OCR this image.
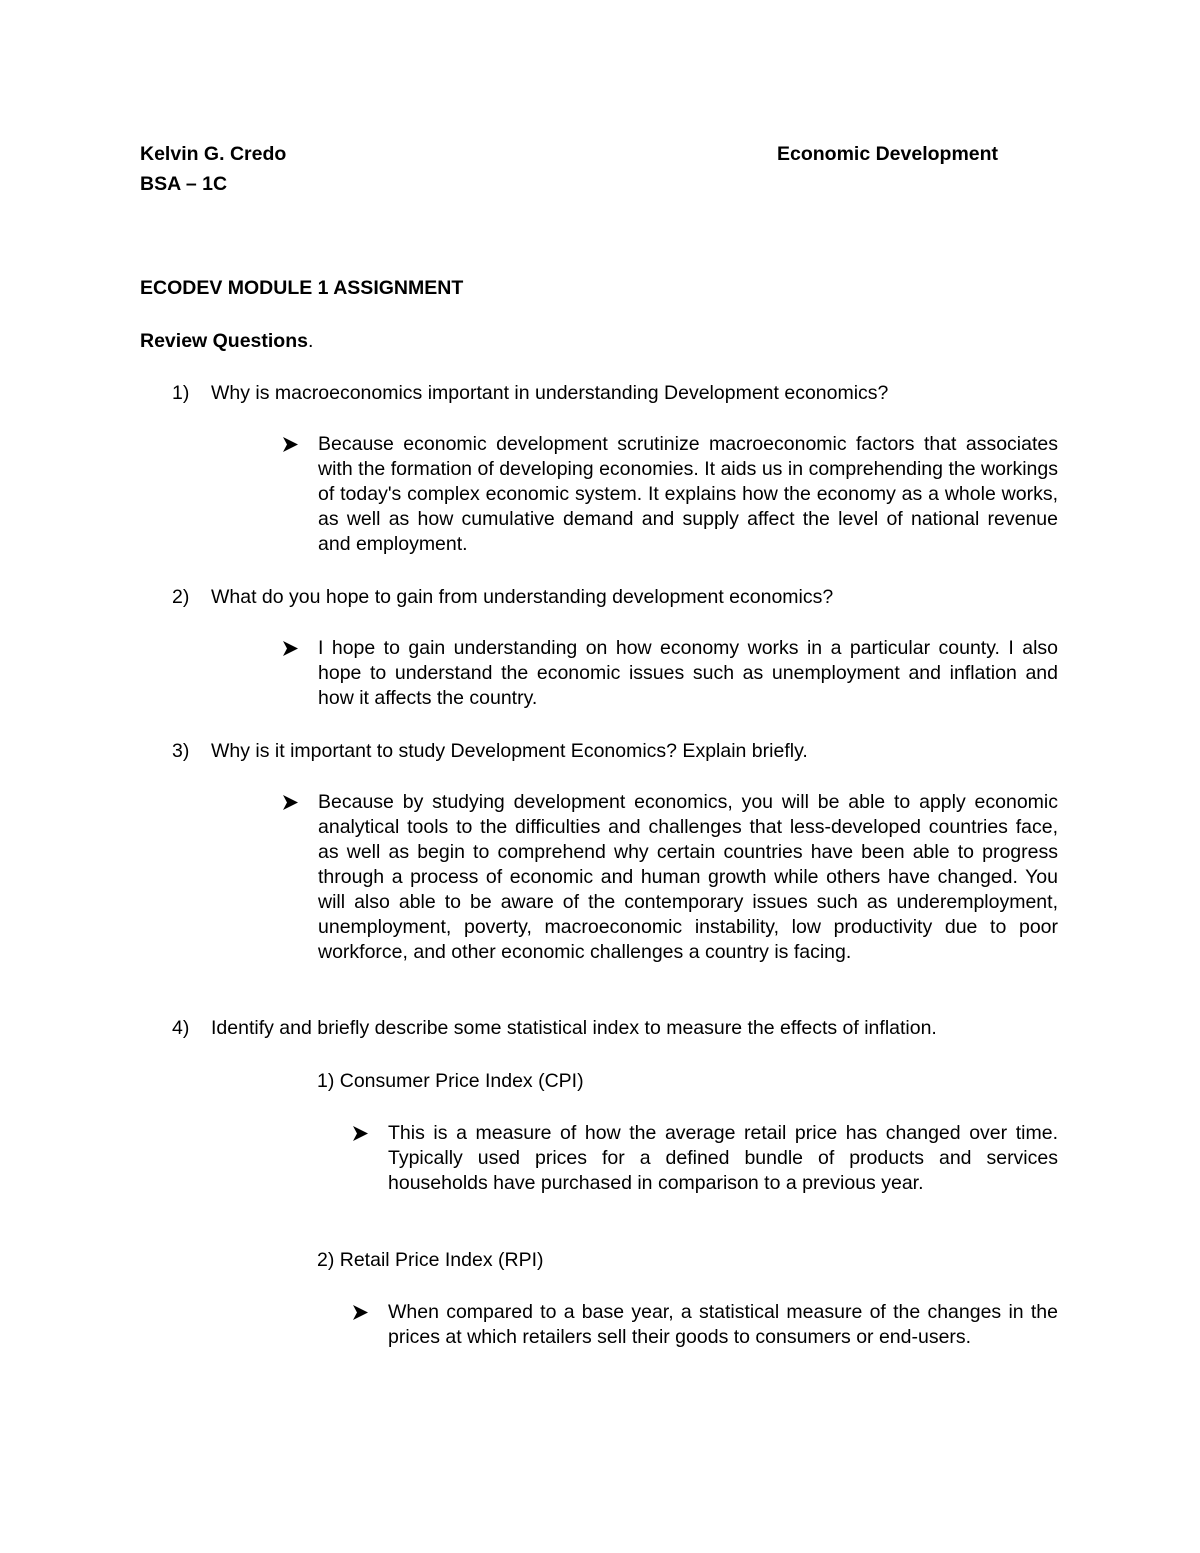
Kelvin G. Credo
BSA – 1C
Economic Development
ECODEV MODULE 1 ASSIGNMENT
Review Questions.
1) Why is macroeconomics important in understanding Development economics?
Because economic development scrutinize macroeconomic factors that associates with the formation of developing economies. It aids us in comprehending the workings of today's complex economic system. It explains how the economy as a whole works, as well as how cumulative demand and supply affect the level of national revenue and employment.
2) What do you hope to gain from understanding development economics?
I hope to gain understanding on how economy works in a particular county. I also hope to understand the economic issues such as unemployment and inflation and how it affects the country.
3) Why is it important to study Development Economics? Explain briefly.
Because by studying development economics, you will be able to apply economic analytical tools to the difficulties and challenges that less-developed countries face, as well as begin to comprehend why certain countries have been able to progress through a process of economic and human growth while others have changed. You will also able to be aware of the contemporary issues such as underemployment, unemployment, poverty, macroeconomic instability, low productivity due to poor workforce, and other economic challenges a country is facing.
4) Identify and briefly describe some statistical index to measure the effects of inflation.
1) Consumer Price Index (CPI)
This is a measure of how the average retail price has changed over time. Typically used prices for a defined bundle of products and services households have purchased in comparison to a previous year.
2) Retail Price Index (RPI)
When compared to a base year, a statistical measure of the changes in the prices at which retailers sell their goods to consumers or end-users.
